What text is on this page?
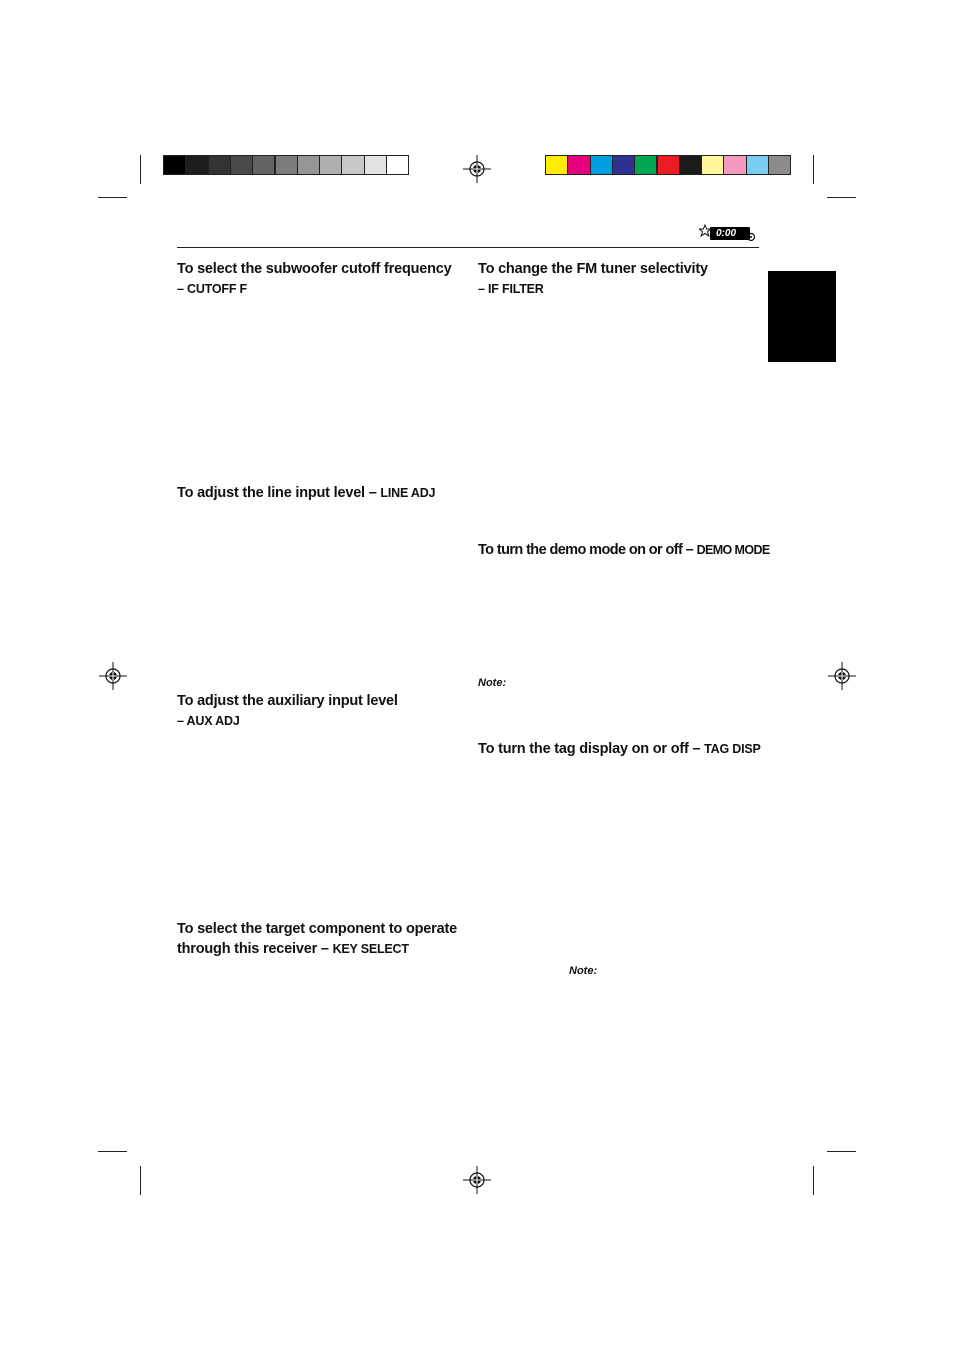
0:00
To select the subwoofer cutoff frequency
– CUTOFF F
To adjust the line input level – LINE ADJ
To adjust the auxiliary input level
– AUX ADJ
To select the target component to operate
through this receiver – KEY SELECT
To change the FM tuner selectivity
– IF FILTER
To turn the demo mode on or off – DEMO MODE
Note:
To turn the tag display on or off – TAG DISP
Note:
